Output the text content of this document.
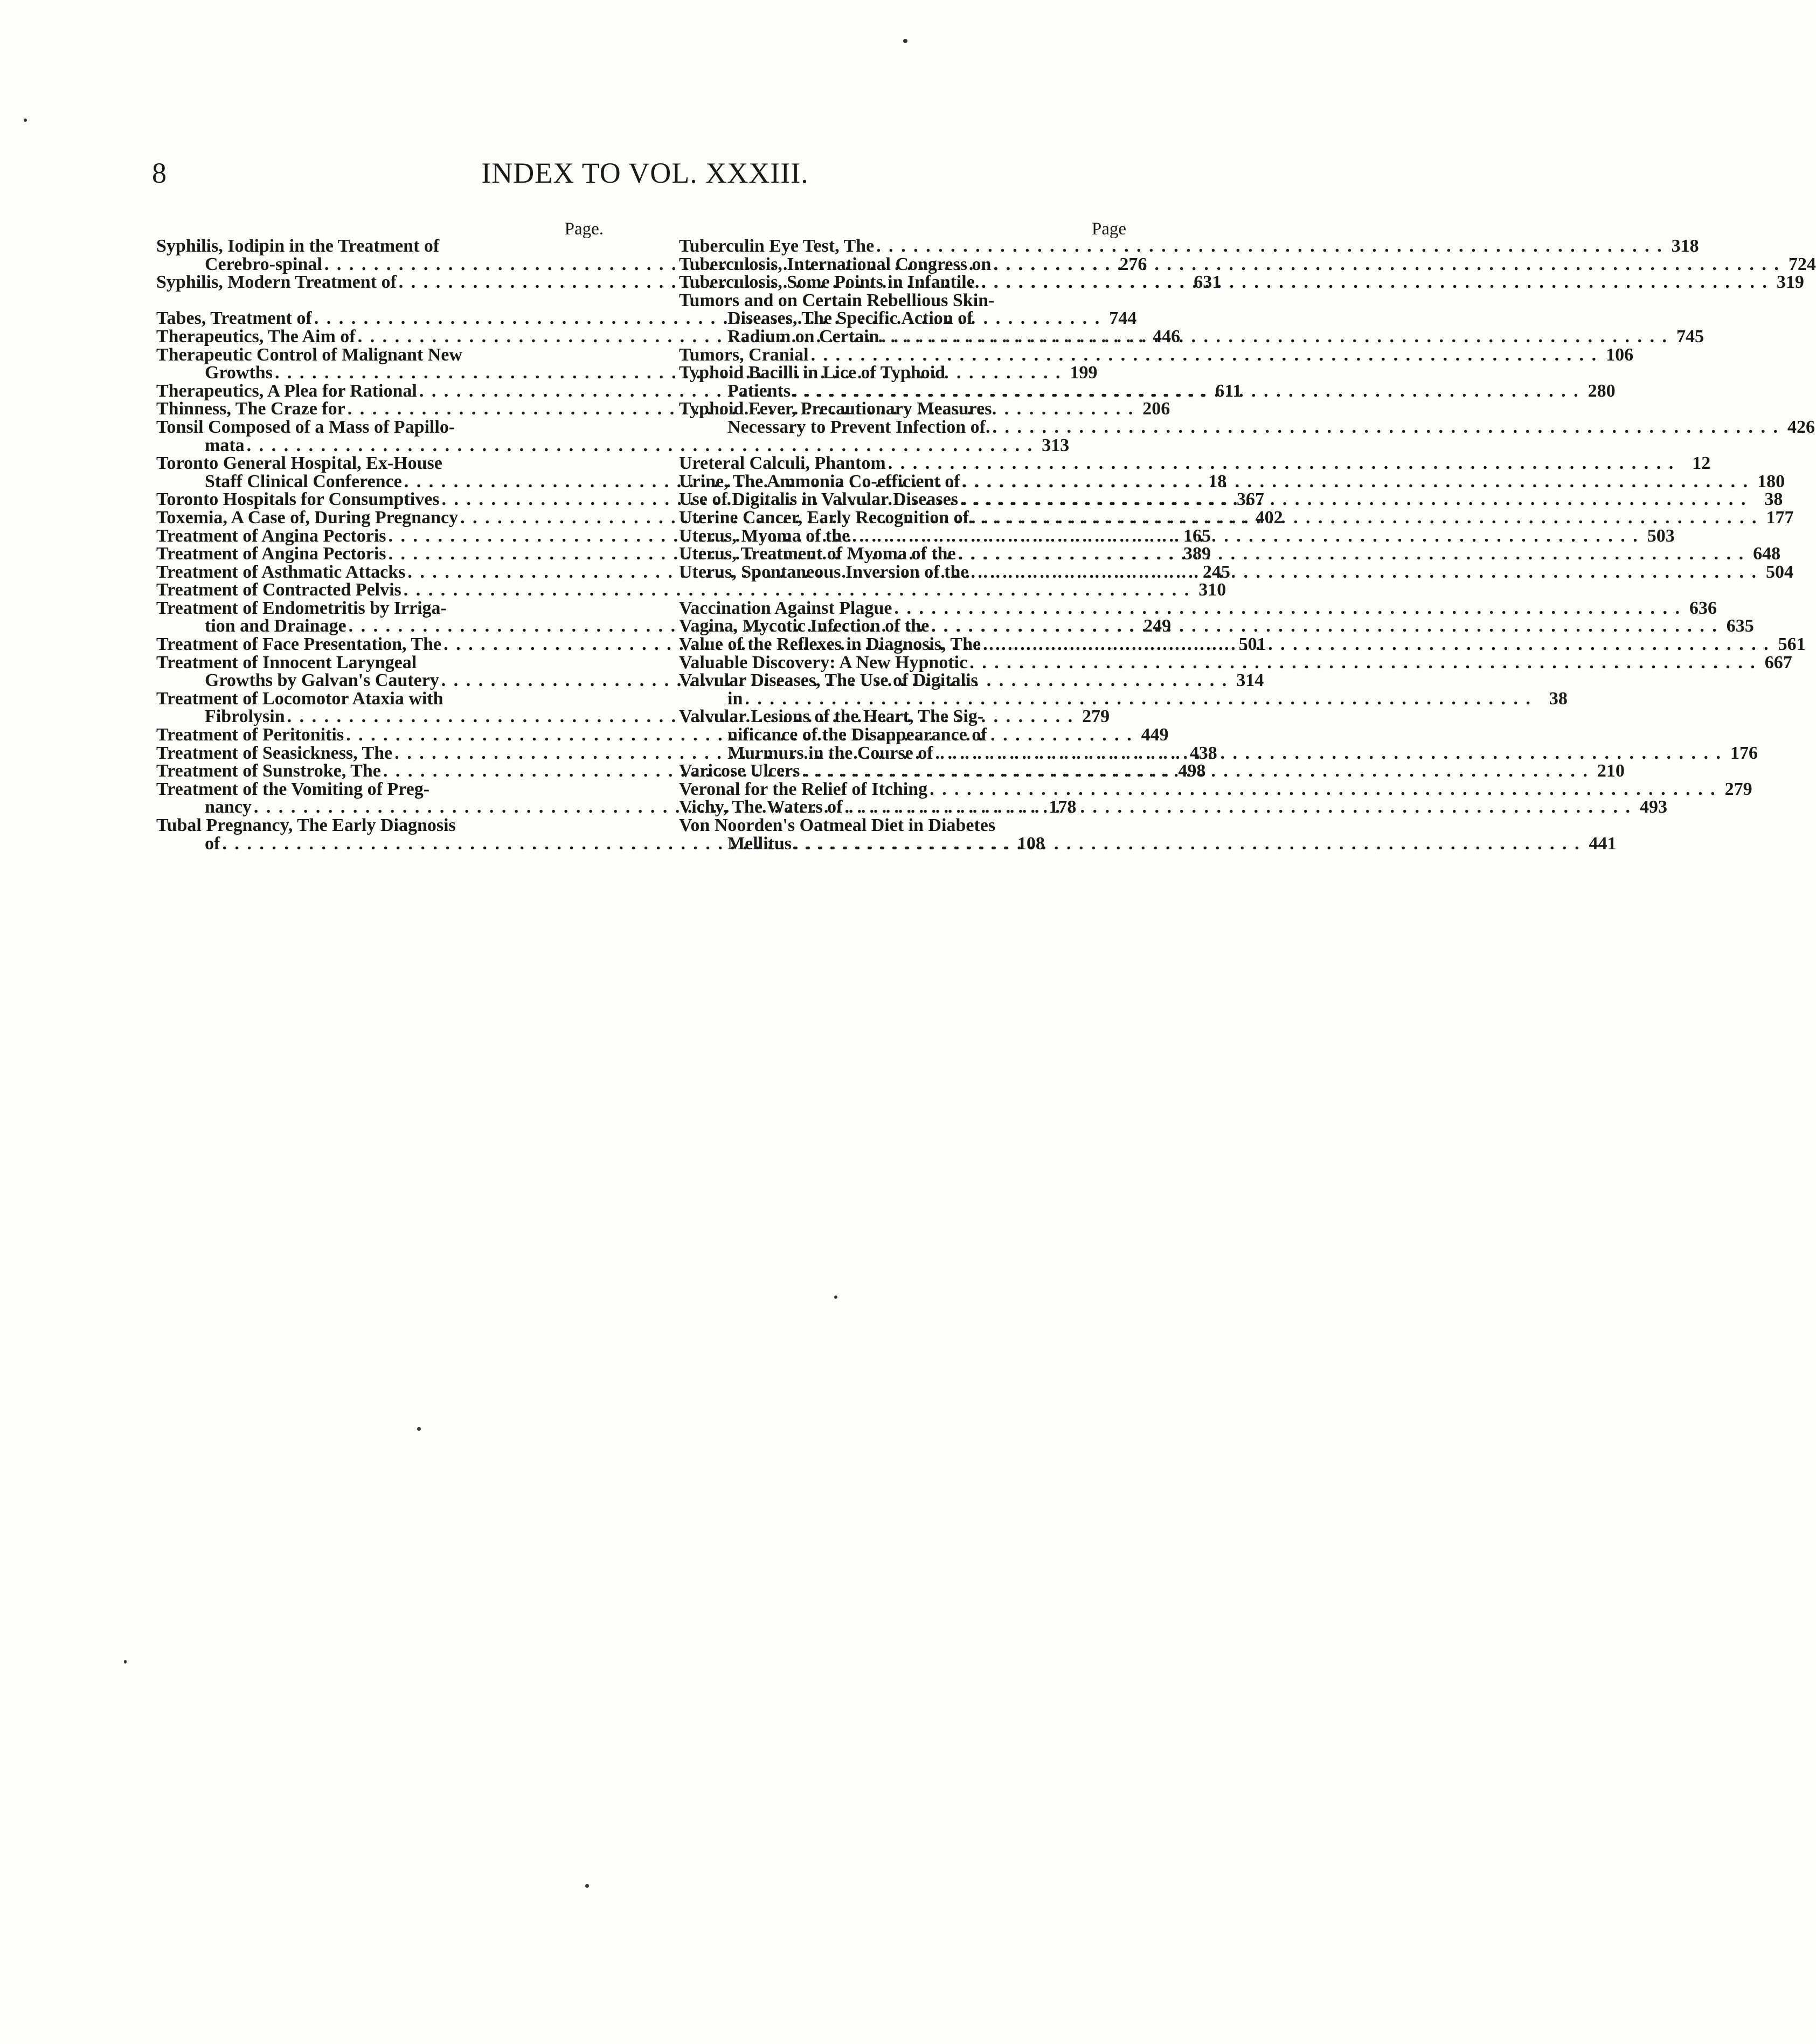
8	INDEX TO VOL. XXXIII.
Page.
Syphilis, Iodipin in the Treatment of
Cerebro-spinal . . .	276
Syphilis, Modern Treatment of . . .	631
Tabes, Treatment of . . .	744
Therapeutics, The Aim of . . .	446
Therapeutic Control of Malignant New
Growths . . .	199
Therapeutics, A Plea for Rational . . .	611
Thinness, The Craze for . . .	206
Tonsil Composed of a Mass of Papillo-
mata . . .	313
Toronto General Hospital, Ex-House
Staff Clinical Conference . . .	18
Toronto Hospitals for Consumptives . . .	367
Toxemia, A Case of, During Pregnancy . . .	402
Treatment of Angina Pectoris . . .	165
Treatment of Angina Pectoris . . .	389
Treatment of Asthmatic Attacks . . .	245
Treatment of Contracted Pelvis . . .	310
Treatment of Endometritis by Irriga-
tion and Drainage . . .	249
Treatment of Face Presentation, The . . .	501
Treatment of Innocent Laryngeal
Growths by Galvan's Cautery . . .	314
Treatment of Locomotor Ataxia with
Fibrolysin . . .	279
Treatment of Peritonitis . . .	449
Treatment of Seasickness, The . . .	438
Treatment of Sunstroke, The . . .	498
Treatment of the Vomiting of Preg-
nancy . . .	178
Tubal Pregnancy, The Early Diagnosis
of . . .	108
Page
Tuberculin Eye Test, The . . .	318
Tuberculosis, International Congress on . . .	724
Tuberculosis, Some Points in Infantile. . . .	319
Tumors and on Certain Rebellious Skin-
Diseases, The Specific Action of
Radium on Certain . . .	745
Tumors, Cranial . . .	106
Typhoid Bacilli in Lice of Typhoid
Patients . . .	280
Typhoid Fever, Precautionary Measures
Necessary to Prevent Infection of. . . .	426
Ureteral Calculi, Phantom . . .	12
Urine, The Ammonia Co-efficient of . . .	180
Use of Digitalis in Valvular Diseases . . .	38
Uterine Cancer, Early Recognition of . . .	177
Uterus, Myoma of the . . .	503
Uterus, Treatment of Myoma of the . . .	648
Uterus, Spontaneous Inversion of the . . .	504
Vaccination Against Plague . . .	636
Vagina, Mycotic Infection of the . . .	635
Value of the Reflexes in Diagnosis, The . . .	561
Valuable Discovery: A New Hypnotic . . .	667
Valvular Diseases, The Use of Digitalis
in . . .	38
Valvular Lesions of the Heart, The Sig-
nificance of the Disappearance of
Murmurs in the Course of . . .	176
Varicose Ulcers . . .	210
Veronal for the Relief of Itching . . .	279
Vichy, The Waters of . . .	493
Von Noorden's Oatmeal Diet in Diabetes
Mellitus . . .	441
